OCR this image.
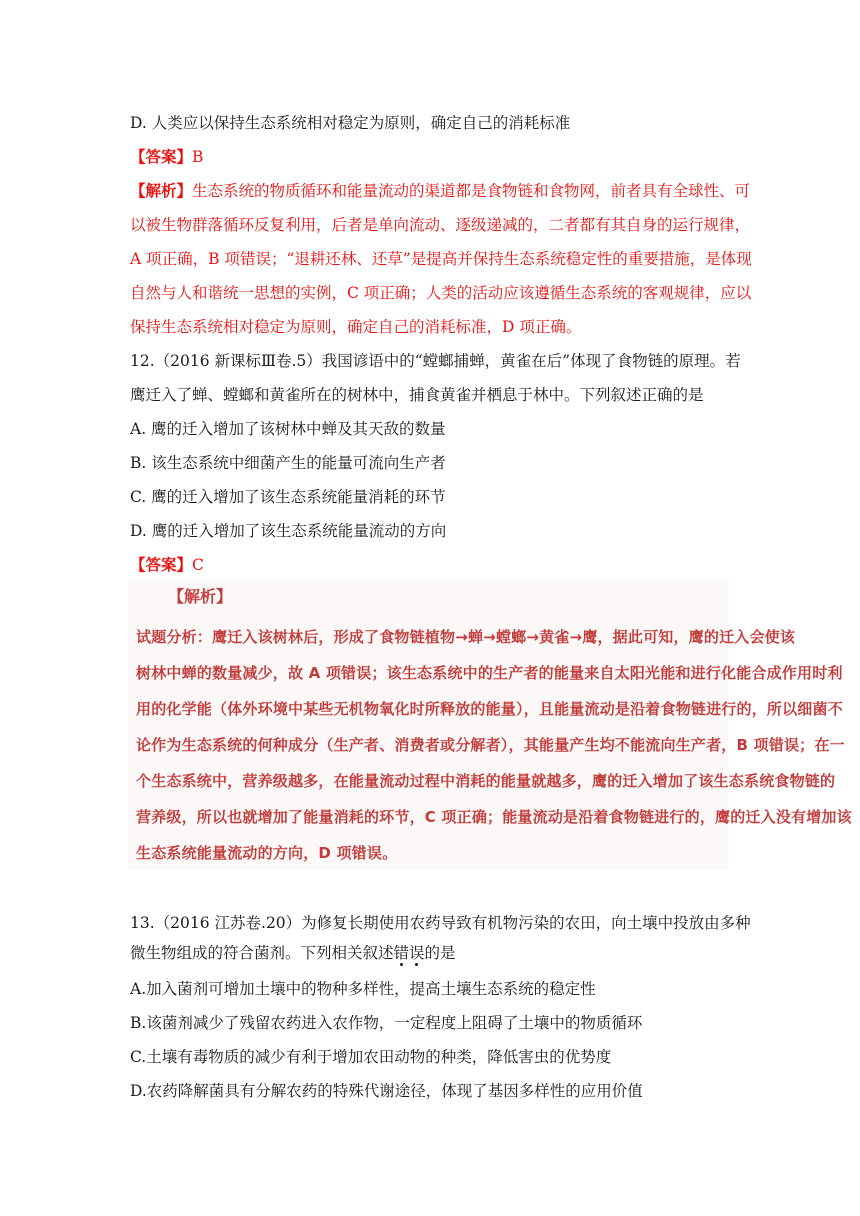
D. 人类应以保持生态系统相对稳定为原则，确定自己的消耗标准
【答案】B
【解析】生态系统的物质循环和能量流动的渠道都是食物链和食物网，前者具有全球性、可
以被生物群落循环反复利用，后者是单向流动、逐级递减的，二者都有其自身的运行规律，
A 项正确，B 项错误；“退耕还林、还草”是提高并保持生态系统稳定性的重要措施，是体现
自然与人和谐统一思想的实例，C 项正确；人类的活动应该遵循生态系统的客观规律，应以
保持生态系统相对稳定为原则，确定自己的消耗标准，D 项正确。
12.（2016 新课标Ⅲ卷.5）我国谚语中的“螳螂捕蝉，黄雀在后”体现了食物链的原理。若
鹰迁入了蝉、螳螂和黄雀所在的树林中，捕食黄雀并栖息于林中。下列叙述正确的是
A. 鹰的迁入增加了该树林中蝉及其天敌的数量
B. 该生态系统中细菌产生的能量可流向生产者
C. 鹰的迁入增加了该生态系统能量消耗的环节
D. 鹰的迁入增加了该生态系统能量流动的方向
【答案】C
【解析】
试题分析：鹰迁入该树林后，形成了食物链植物→蝉→螳螂→黄雀→鹰，据此可知，鹰的迁入会使该
树林中蝉的数量减少，故 A 项错误；该生态系统中的生产者的能量来自太阳光能和进行化能合成作用时利
用的化学能（体外环境中某些无机物氧化时所释放的能量），且能量流动是沿着食物链进行的，所以细菌不
论作为生态系统的何种成分（生产者、消费者或分解者），其能量产生均不能流向生产者，B 项错误；在一
个生态系统中，营养级越多，在能量流动过程中消耗的能量就越多，鹰的迁入增加了该生态系统食物链的
营养级，所以也就增加了能量消耗的环节，C 项正确；能量流动是沿着食物链进行的，鹰的迁入没有增加该
生态系统能量流动的方向，D 项错误。
13.（2016 江苏卷.20）为修复长期使用农药导致有机物污染的农田，向土壤中投放由多种
微生物组成的符合菌剂。下列相关叙述错误的是
A.加入菌剂可增加土壤中的物种多样性，提高土壤生态系统的稳定性
B.该菌剂减少了残留农药进入农作物，一定程度上阻碍了土壤中的物质循环
C.土壤有毒物质的减少有利于增加农田动物的种类，降低害虫的优势度
D.农药降解菌具有分解农药的特殊代谢途径，体现了基因多样性的应用价值
